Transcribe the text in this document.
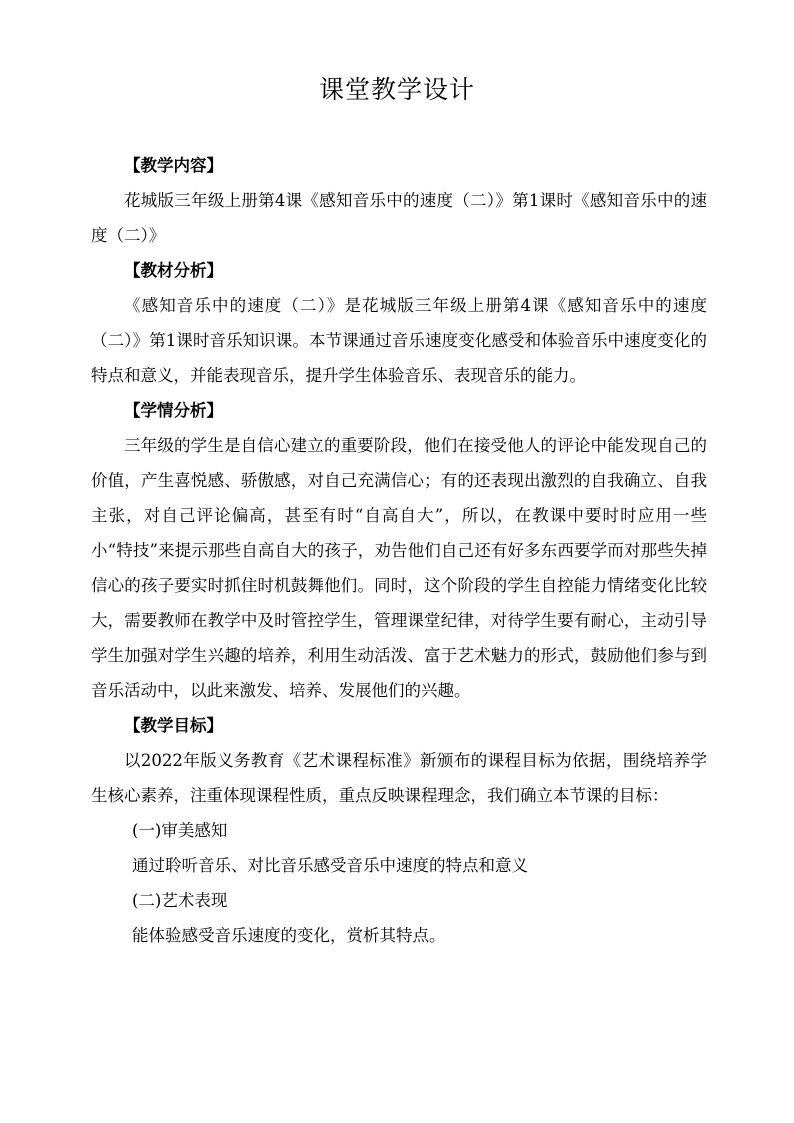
课堂教学设计
【教学内容】

花城版三年级上册第4课《感知音乐中的速度（二）》第1课时《感知音乐中的速度（二）》

【教材分析】

《感知音乐中的速度（二）》是花城版三年级上册第4课《感知音乐中的速度（二）》第1课时音乐知识课。本节课通过音乐速度变化感受和体验音乐中速度变化的特点和意义，并能表现音乐，提升学生体验音乐、表现音乐的能力。

【学情分析】

三年级的学生是自信心建立的重要阶段，他们在接受他人的评论中能发现自己的价值，产生喜悦感、骄傲感，对自己充满信心；有的还表现出激烈的自我确立、自我主张，对自己评论偏高，甚至有时“自高自大”，所以，在教课中要时时应用一些小“特技”来提示那些自高自大的孩子，劝告他们自己还有好多东西要学而对那些失掉信心的孩子要实时抓住时机鼓舞他们。同时，这个阶段的学生自控能力情绪变化比较大，需要教师在教学中及时管控学生，管理课堂纪律，对待学生要有耐心，主动引导学生加强对学生兴趣的培养，利用生动活泼、富于艺术魅力的形式，鼓励他们参与到音乐活动中，以此来激发、培养、发展他们的兴趣。

【教学目标】

以2022年版义务教育《艺术课程标准》新颁布的课程目标为依据，围绕培养学生核心素养，注重体现课程性质，重点反映课程理念，我们确立本节课的目标：

(一)审美感知

通过聆听音乐、对比音乐感受音乐中速度的特点和意义

(二)艺术表现

能体验感受音乐速度的变化，赏析其特点。
